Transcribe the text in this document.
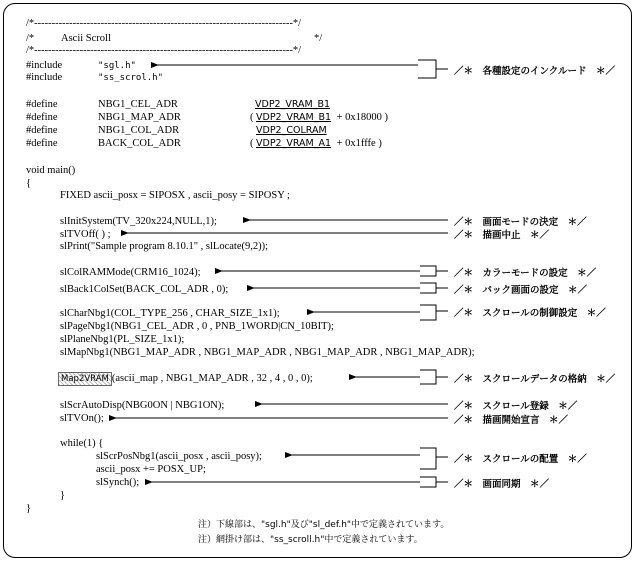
/*--------------------------------------------------------------------------*/
/*	Ascii Scroll	*/
/*--------------------------------------------------------------------------*/
#include	"sgl.h"
#include	"ss_scrol.h"
#define	NBG1_CEL_ADR	VDP2_VRAM_B1
#define	NBG1_MAP_ADR	( VDP2_VRAM_B1 + 0x18000 )
#define	NBG1_COL_ADR	VDP2_COLRAM
#define	BACK_COL_ADR	( VDP2_VRAM_A1 + 0x1fffe )
void main()
{
FIXED ascii_posx = SIPOSX , ascii_posy = SIPOSY ;
slInitSystem(TV_320x224,NULL,1);
slTVOff( ) ;
slPrint("Sample program 8.10.1" , slLocate(9,2));
slColRAMMode(CRM16_1024);
slBack1ColSet(BACK_COL_ADR , 0);
slCharNbg1(COL_TYPE_256 , CHAR_SIZE_1x1);
slPageNbg1(NBG1_CEL_ADR , 0 , PNB_1WORD|CN_10BIT);
slPlaneNbg1(PL_SIZE_1x1);
slMapNbg1(NBG1_MAP_ADR , NBG1_MAP_ADR , NBG1_MAP_ADR , NBG1_MAP_ADR);
Map2VRAM (ascii_map , NBG1_MAP_ADR , 32 , 4 , 0 , 0);
slScrAutoDisp(NBG0ON | NBG1ON);
slTVOn();
while(1) {
slScrPosNbg1(ascii_posx , ascii_posy);
ascii_posx += POSX_UP;
slSynch();
}
}
／＊　各種設定のインクルード　＊／
／＊　画面モードの決定　＊／
／＊　描画中止　＊／
／＊　カラーモードの設定　＊／
／＊　バック画面の設定　＊／
／＊　スクロールの制御設定　＊／
／＊　スクロールデータの格納　＊／
／＊　スクロール登録　＊／
／＊　描画開始宣言　＊／
／＊　スクロールの配置　＊／
／＊　画面同期　＊／
注）下線部は、"sgl.h"及び"sl_def.h"中で定義されています。
注）網掛け部は、"ss_scroll.h"中で定義されています。
